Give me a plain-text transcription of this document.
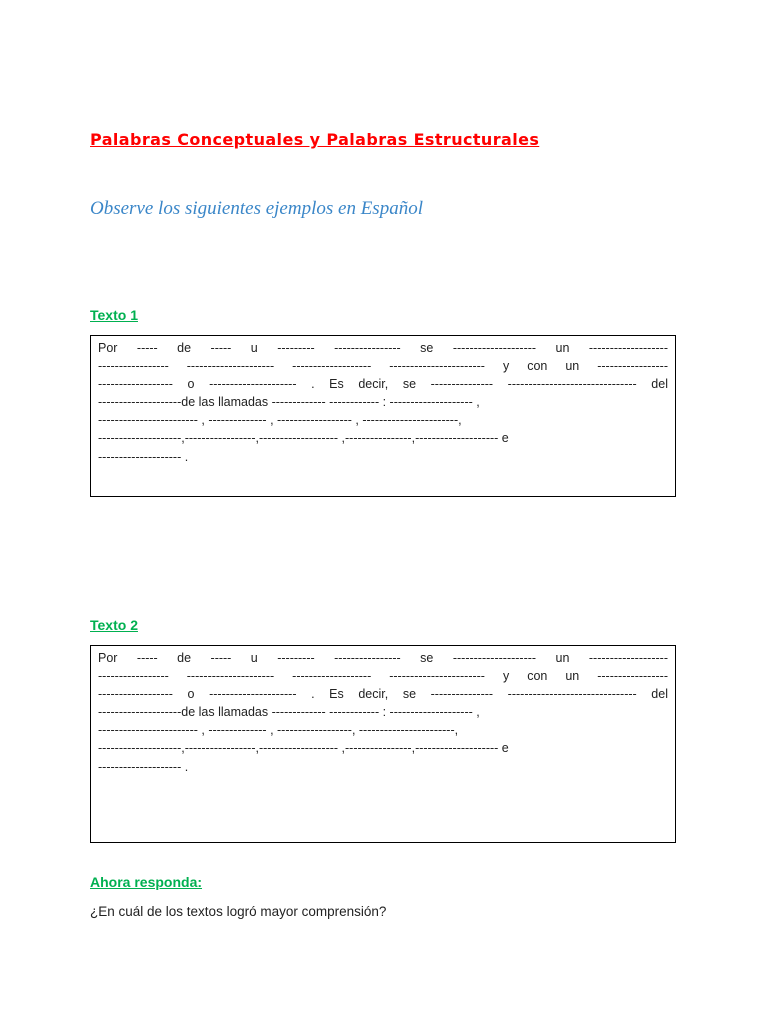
Palabras Conceptuales y Palabras Estructurales
Observe los siguientes ejemplos en Español
Texto 1
Por ----- de ----- u --------- ---------------- se -------------------- un -------------------
----------------- --------------------- ------------------- ----------------------- y con un -----------------
------------------ o --------------------- . Es decir, se --------------- ------------------------------- del
--------------------de las llamadas ------------- ------------ : -------------------- ,
------------------------ , -------------- , ------------------ , -----------------------,
--------------------,-----------------,------------------- ,----------------,-------------------- e
-------------------- .
Texto 2
Por ----- de ----- u --------- ---------------- se -------------------- un -------------------
----------------- --------------------- ------------------- ----------------------- y con un -----------------
------------------ o --------------------- . Es decir, se --------------- ------------------------------- del
--------------------de las llamadas ------------- ------------ : -------------------- ,
------------------------ , -------------- , ------------------, -----------------------,
--------------------,-----------------,------------------- ,----------------,-------------------- e
-------------------- .
Ahora responda:
¿En cuál de los textos logró mayor comprensión?
